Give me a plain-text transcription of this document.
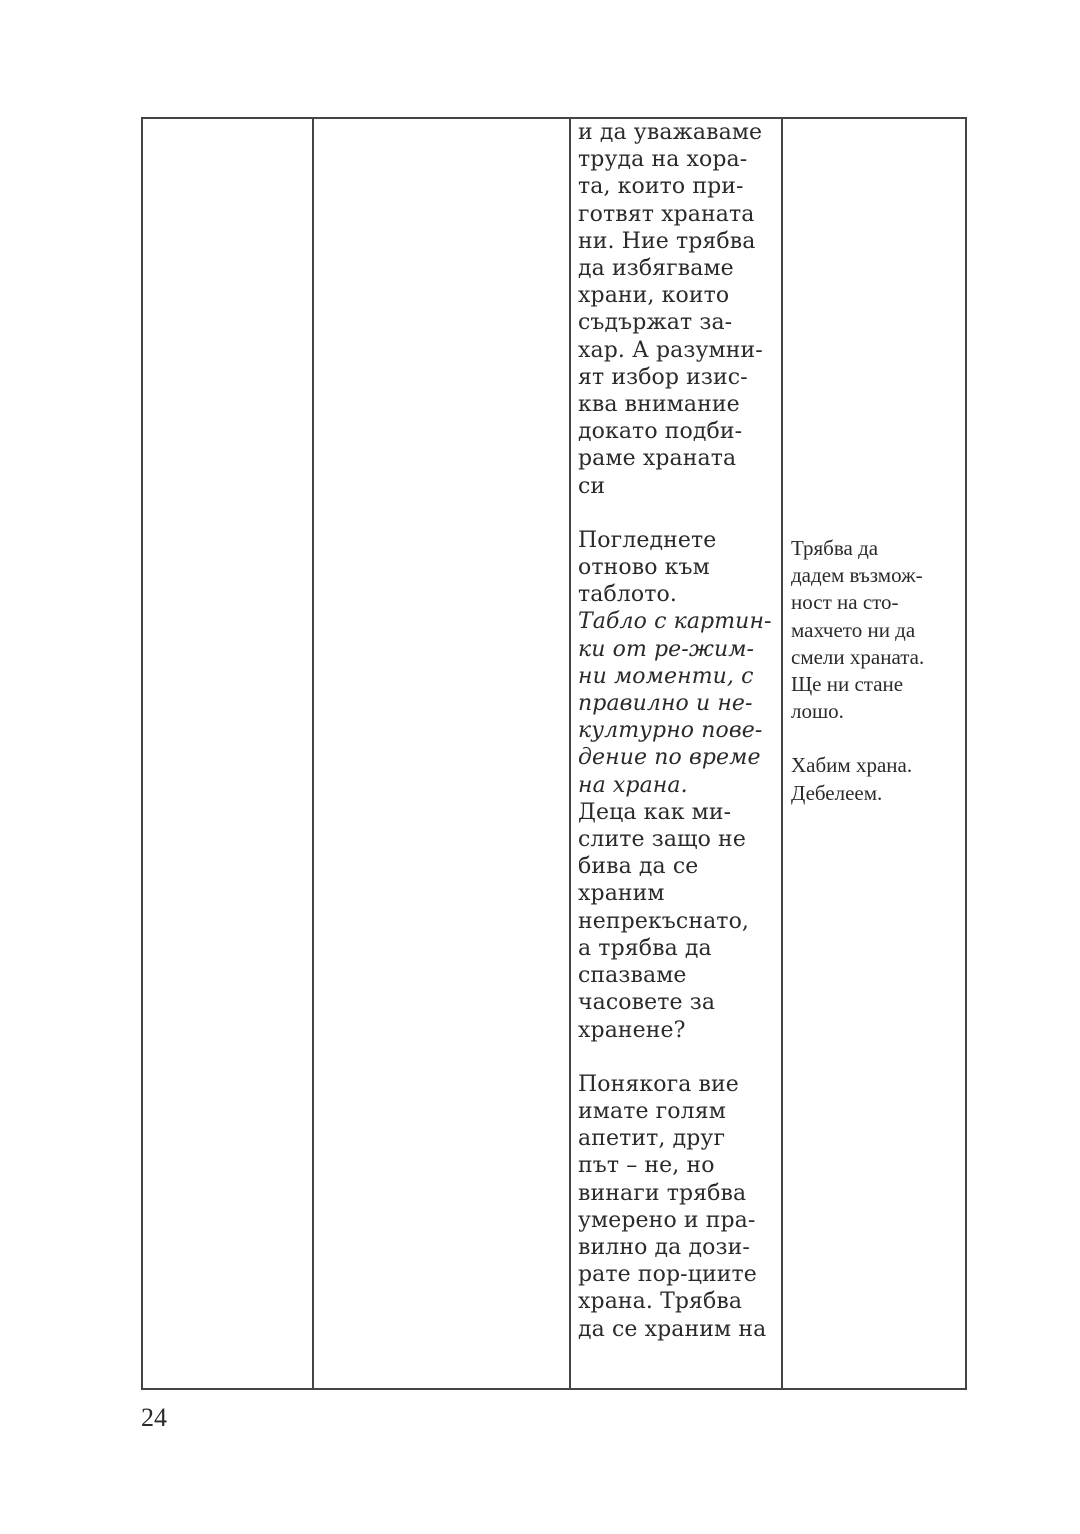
и да уважаваме
труда на хора-
та, които при-
готвят храната
ни. Ние трябва
да избягваме
храни, които
съдържат за-
хар. А разумни-
ят избор изис-
ква внимание
докато подби-
раме храната
си
Погледнете
отново към
таблото.
Табло с картин-
ки от ре-жим-
ни моменти, с
правилно и не-
културно пове-
дение по време
на храна.
Деца как ми-
слите защо не
бива да се
храним
непрекъснато,
а трябва да
спазваме
часовете за
хранене?
Понякога вие
имате голям
апетит, друг
път – не, но
винаги трябва
умерено и пра-
вилно да дози-
рате пор-циите
храна. Трябва
да се храним на
Трябва да
дадем възмож-
ност на сто-
махчето ни да
смели храната.
Ще ни стане
лошо.
Хабим храна.
Дебелеем.
24
